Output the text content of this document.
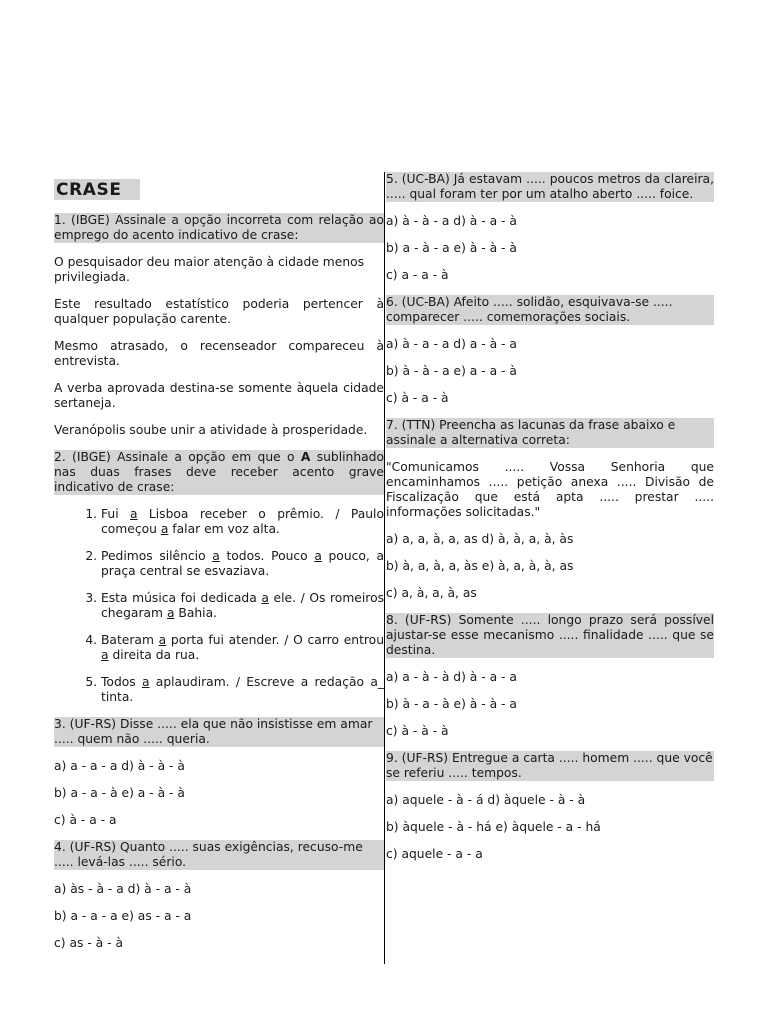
CRASE
1. (IBGE) Assinale a opção incorreta com relação ao emprego do acento indicativo de crase:

O pesquisador deu maior atenção à cidade menos privilegiada.

Este resultado estatístico poderia pertencer à qualquer população carente.

Mesmo atrasado, o recenseador compareceu à entrevista.

A verba aprovada destina-se somente àquela cidade sertaneja.

Veranópolis soube unir a atividade à prosperidade.

2. (IBGE) Assinale a opção em que o A sublinhado nas duas frases deve receber acento grave indicativo de crase:
1. Fui a Lisboa receber o prêmio. / Paulo começou a falar em voz alta.
2. Pedimos silêncio a todos. Pouco a pouco, a praça central se esvaziava.
3. Esta música foi dedicada a ele. / Os romeiros chegaram a Bahia.
4. Bateram a porta fui atender. / O carro entrou a direita da rua.
5. Todos a aplaudiram. / Escreve a redação a_ tinta.
3. (UF-RS) Disse ..... ela que não insistisse em amar ..... quem não ..... queria.

a) a - a - a d) à - à - à

b) a - a - à e) a - à - à

c) à - a - a

4. (UF-RS) Quanto ..... suas exigências, recuso-me ..... levá-las ..... sério.

a) às - à - a d) à - a - à

b) a - a - a e) as - a - a

c) as - à - à

5. (UC-BA) Já estavam ..... poucos metros da clareira, ..... qual foram ter por um atalho aberto ..... foice.

a) à - à - a d) à - a - à

b) a - à - a e) à - à - à

c) a - a - à

6. (UC-BA) Afeito ..... solidão, esquivava-se ..... comparecer ..... comemorações sociais.

a) à - a - a d) a - à - a

b) à - à - a e) a - a - à

c) à - a - à

7. (TTN) Preencha as lacunas da frase abaixo e assinale a alternativa correta:

"Comunicamos ..... Vossa Senhoria que encaminhamos ..... petição anexa ..... Divisão de Fiscalização que está apta ..... prestar ..... informações solicitadas."

a) a, a, à, a, as d) à, à, a, à, às

b) à, a, à, a, às e) à, a, à, à, as

c) a, à, a, à, as

8. (UF-RS) Somente ..... longo prazo será possível ajustar-se esse mecanismo ..... finalidade ..... que se destina.

a) a - à - à d) à - a - a

b) à - a - à e) à - à - a

c) à - à - à

9. (UF-RS) Entregue a carta ..... homem ..... que você se referiu ..... tempos.

a) aquele - à - á d) àquele - à - à

b) àquele - à - há e) àquele - a - há

c) aquele - a - a
